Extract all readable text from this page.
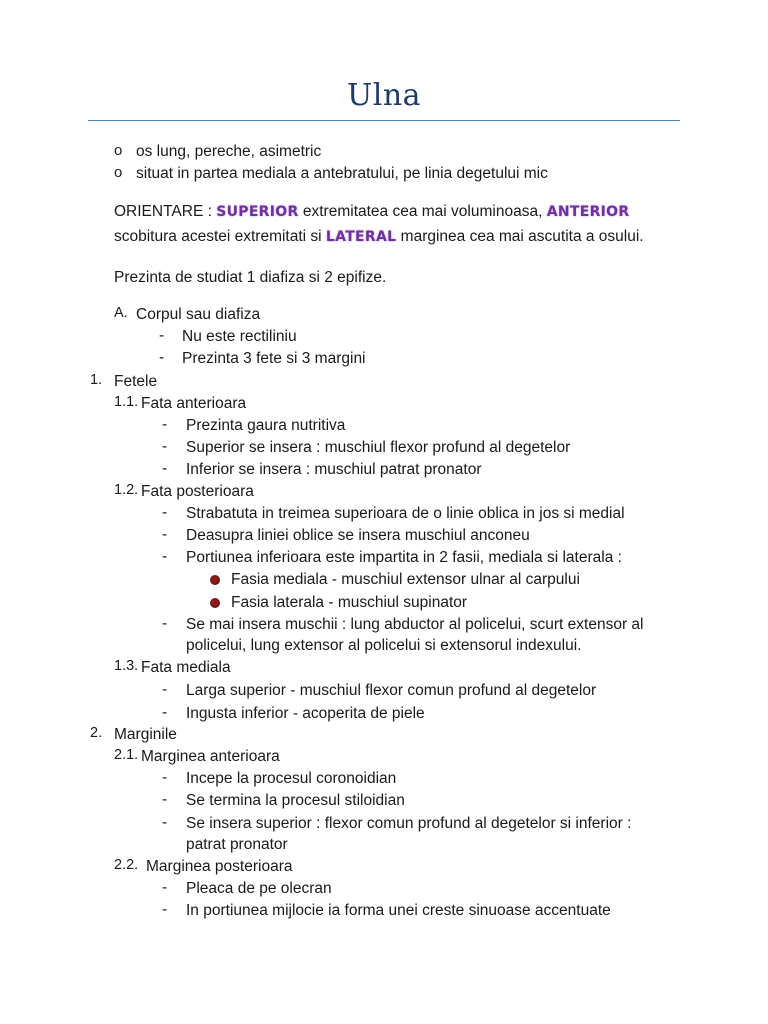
Ulna
o os lung, pereche, asimetric
o situat in partea mediala a antebratului, pe linia degetului mic
ORIENTARE : SUPERIOR extremitatea cea mai voluminoasa, ANTERIOR
scobitura acestei extremitati si LATERAL marginea cea mai ascutita a osului.
Prezinta de studiat 1 diafiza si 2 epifize.
A. Corpul sau diafiza
- Nu este rectiliniu
- Prezinta 3 fete si 3 margini
1. Fetele
1.1. Fata anterioara
- Prezinta gaura nutritiva
- Superior se insera : muschiul flexor profund al degetelor
- Inferior se insera : muschiul patrat pronator
1.2. Fata posterioara
- Strabatuta in treimea superioara de o linie oblica in jos si medial
- Deasupra liniei oblice se insera muschiul anconeu
- Portiunea inferioara este impartita in 2 fasii, mediala si laterala :
Fasia mediala - muschiul extensor ulnar al carpului
Fasia laterala - muschiul supinator
- Se mai insera muschii : lung abductor al policelui, scurt extensor al
policelui, lung extensor al policelui si extensorul indexului.
1.3. Fata mediala
- Larga superior - muschiul flexor comun profund al degetelor
- Ingusta inferior - acoperita de piele
2. Marginile
2.1. Marginea anterioara
- Incepe la procesul coronoidian
- Se termina la procesul stiloidian
- Se insera superior : flexor comun profund al degetelor si inferior :
patrat pronator
2.2. Marginea posterioara
- Pleaca de pe olecran
- In portiunea mijlocie ia forma unei creste sinuoase accentuate
